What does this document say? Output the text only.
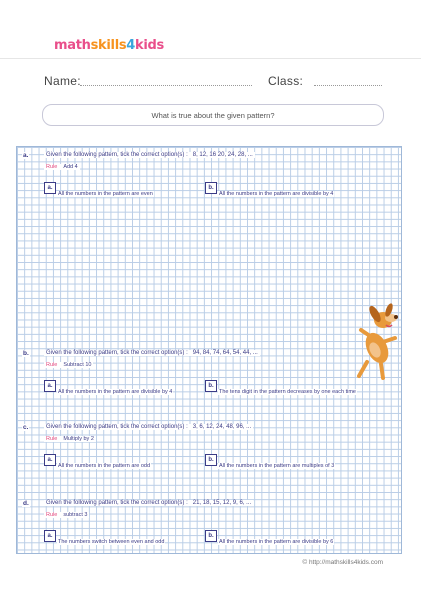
mathskills4kids
Name:	Class:
What is true about the given pattern?
a.	Given the following pattern, tick the correct option(s) : 8, 12, 16 20, 24, 28, ...
Rule Add 4
a.All the numbers in the pattern are even
b.All the numbers in the pattern are divisible by 4
b.	Given the following pattern, tick the correct option(s) : 94, 84, 74, 64, 54, 44, ...
Rule Subtract 10
a.All the numbers in the pattern are divisible by 4
b.The tens digit in the pattern decreases by one each time
c.	Given the following pattern, tick the correct option(s) : 3, 6, 12, 24, 48, 96, ...
Rule Multiply by 2
a.All the numbers in the pattern are odd
b.All the numbers in the pattern are multiples of 3
d.	Given the following pattern, tick the correct option(s) : 21, 18, 15, 12, 9, 6, ...
Rule subtract 3
a.The numbers switch between even and odd
b.All the numbers in the pattern are divisible by 6
© http://mathskills4kids.com
